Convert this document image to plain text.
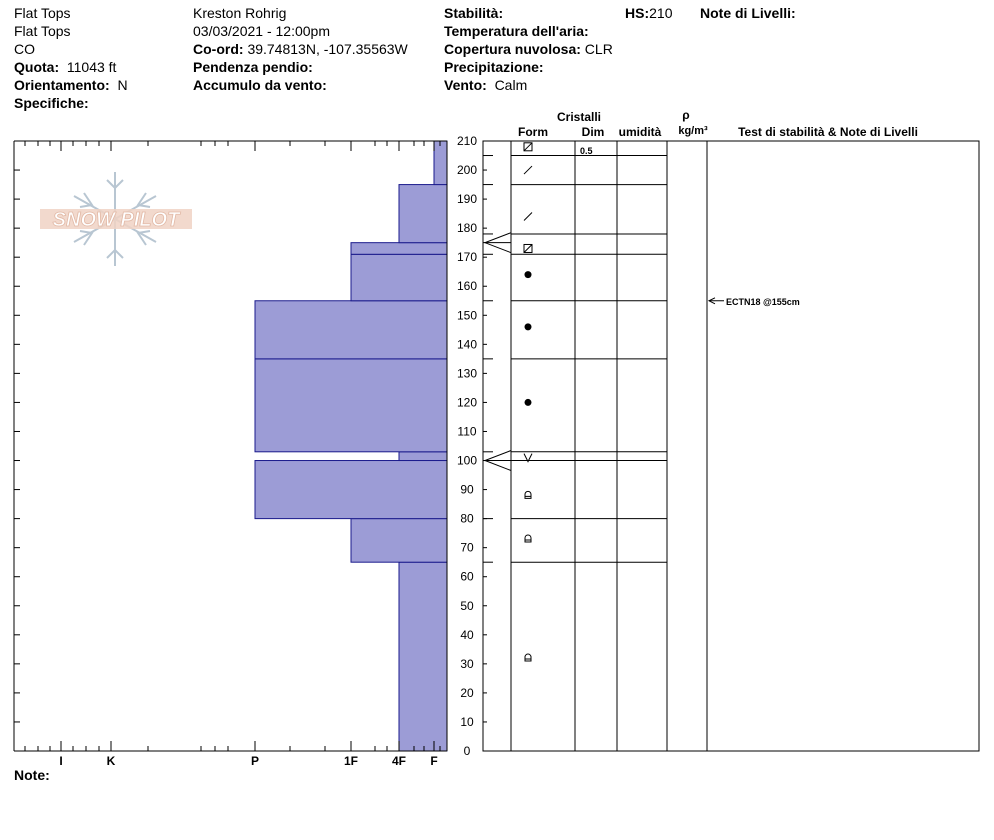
Flat Tops
Flat Tops
CO
Quota: 11043 ft
Orientamento: N
Specifiche:
Kreston Rohrig
03/03/2021 - 12:00pm
Co-ord: 39.74813N, -107.35563W
Pendenza pendio:
Accumulo da vento:
Stabilità:
Temperatura dell'aria:
Copertura nuvolosa: CLR
Precipitazione:
Vento: Calm
HS:210 Note di Livelli:
Note:
SNOW PILOT
I	K	P	1F	4F F
0
10
20
30
40
50
60
70
80
90
100
110
120
130
140
150
160
170
180
190
200
210
Cristalli
Form	Dim umidità
ρ
kg/m³	Test di stabilità & Note di Livelli
0.5
ECTN18 @155cm
